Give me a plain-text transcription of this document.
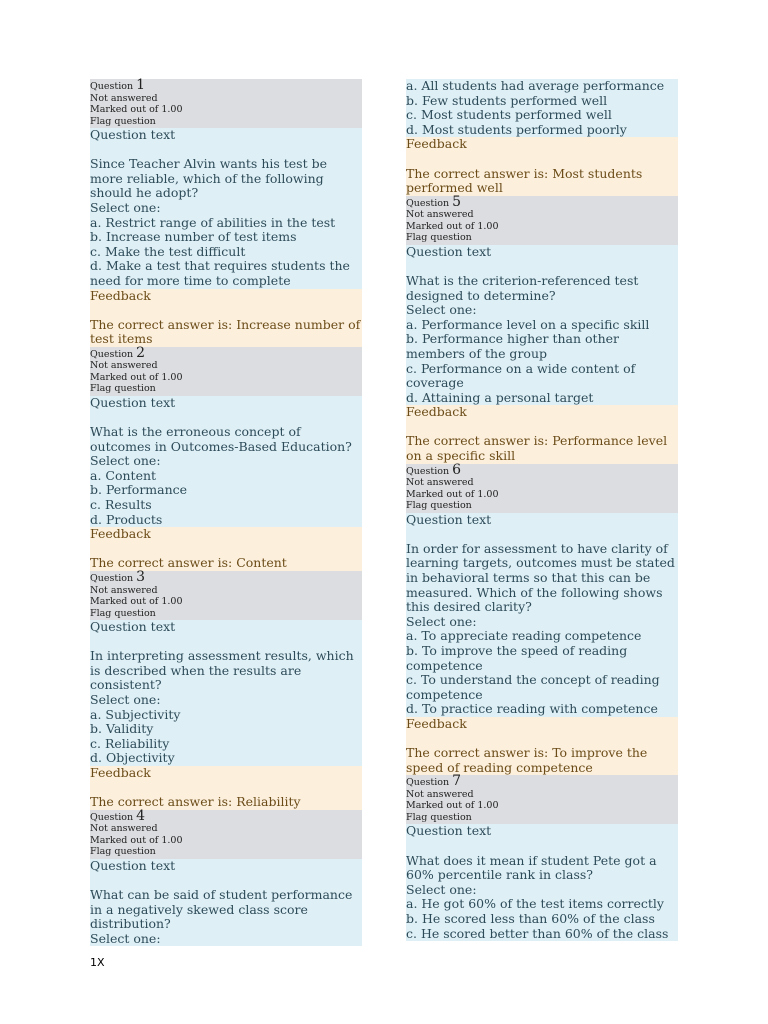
Question 1
Not answered
Marked out of 1.00
Flag question
Question text
Since Teacher Alvin wants his test be more reliable, which of the following should he adopt?
Select one:
a. Restrict range of abilities in the test
b. Increase number of test items
c. Make the test difficult
d. Make a test that requires students the need for more time to complete
Feedback
The correct answer is: Increase number of test items
Question 2
Not answered
Marked out of 1.00
Flag question
Question text
What is the erroneous concept of outcomes in Outcomes-Based Education?
Select one:
a. Content
b. Performance
c. Results
d. Products
Feedback
The correct answer is: Content
Question 3
Not answered
Marked out of 1.00
Flag question
Question text
In interpreting assessment results, which is described when the results are consistent?
Select one:
a. Subjectivity
b. Validity
c. Reliability
d. Objectivity
Feedback
The correct answer is: Reliability
Question 4
Not answered
Marked out of 1.00
Flag question
Question text
What can be said of student performance in a negatively skewed class score distribution?
Select one:
a. All students had average performance
b. Few students performed well
c. Most students performed well
d. Most students performed poorly
Feedback
The correct answer is: Most students performed well
Question 5
Not answered
Marked out of 1.00
Flag question
Question text
What is the criterion-referenced test designed to determine?
Select one:
a. Performance level on a specific skill
b. Performance higher than other members of the group
c. Performance on a wide content of coverage
d. Attaining a personal target
Feedback
The correct answer is: Performance level on a specific skill
Question 6
Not answered
Marked out of 1.00
Flag question
Question text
In order for assessment to have clarity of learning targets, outcomes must be stated in behavioral terms so that this can be measured. Which of the following shows this desired clarity?
Select one:
a. To appreciate reading competence
b. To improve the speed of reading competence
c. To understand the concept of reading competence
d. To practice reading with competence
Feedback
The correct answer is: To improve the speed of reading competence
Question 7
Not answered
Marked out of 1.00
Flag question
Question text
What does it mean if student Pete got a 60% percentile rank in class?
Select one:
a. He got 60% of the test items correctly
b. He scored less than 60% of the class
c. He scored better than 60% of the class
1X
